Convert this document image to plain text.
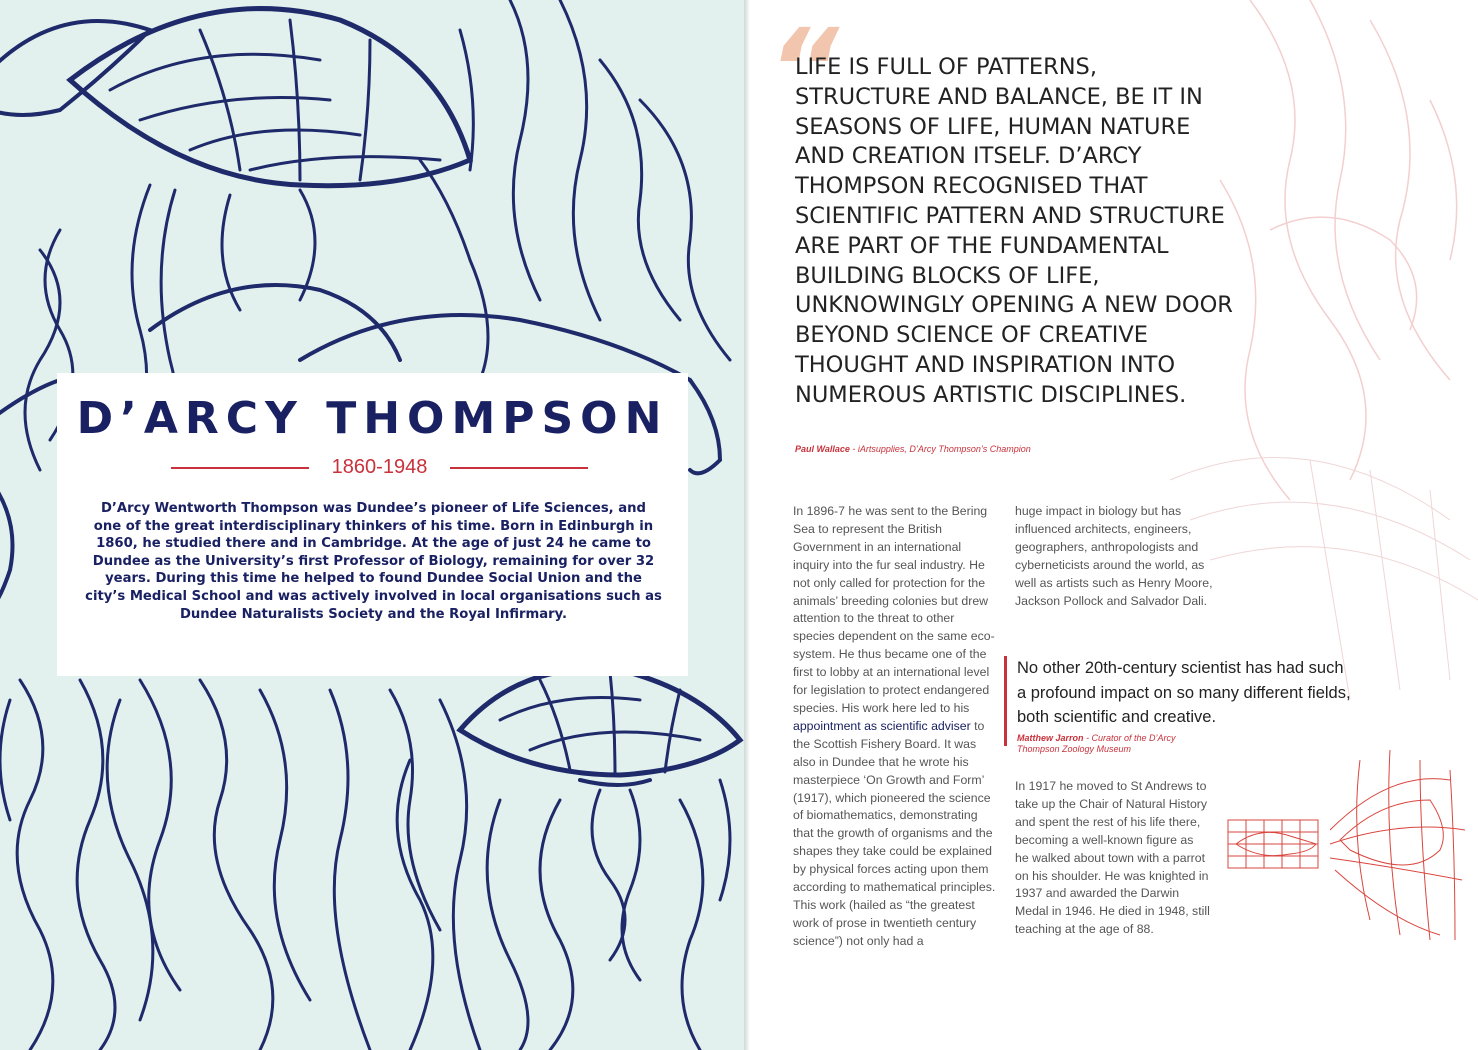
D’ARCY THOMPSON
1860-1948

D’Arcy Wentworth Thompson was Dundee’s pioneer of Life Sciences, and one of the great interdisciplinary thinkers of his time. Born in Edinburgh in 1860, he studied there and in Cambridge. At the age of just 24 he came to Dundee as the University’s first Professor of Biology, remaining for over 32 years. During this time he helped to found Dundee Social Union and the city’s Medical School and was actively involved in local organisations such as Dundee Naturalists Society and the Royal Infirmary.

“

LIFE IS FULL OF PATTERNS, STRUCTURE AND BALANCE, BE IT IN SEASONS OF LIFE, HUMAN NATURE AND CREATION ITSELF. D’ARCY THOMPSON RECOGNISED THAT SCIENTIFIC PATTERN AND STRUCTURE ARE PART OF THE FUNDAMENTAL BUILDING BLOCKS OF LIFE, UNKNOWINGLY OPENING A NEW DOOR BEYOND SCIENCE OF CREATIVE THOUGHT AND INSPIRATION INTO NUMEROUS ARTISTIC DISCIPLINES.

Paul Wallace - iArtsupplies, D’Arcy Thompson’s Champion

In 1896-7 he was sent to the Bering Sea to represent the British Government in an international inquiry into the fur seal industry. He not only called for protection for the animals’ breeding colonies but drew attention to the threat to other species dependent on the same eco-system. He thus became one of the first to lobby at an international level for legislation to protect endangered species. His work here led to his appointment as scientific adviser to the Scottish Fishery Board. It was also in Dundee that he wrote his masterpiece ‘On Growth and Form’ (1917), which pioneered the science of biomathematics, demonstrating that the growth of organisms and the shapes they take could be explained by physical forces acting upon them according to mathematical principles. This work (hailed as “the greatest work of prose in twentieth century science”) not only had a

huge impact in biology but has influenced architects, engineers, geographers, anthropologists and cyberneticists around the world, as well as artists such as Henry Moore, Jackson Pollock and Salvador Dali.

No other 20th-century scientist has had such a profound impact on so many different fields, both scientific and creative.

Matthew Jarron - Curator of the D’Arcy Thompson Zoology Museum

In 1917 he moved to St Andrews to take up the Chair of Natural History and spent the rest of his life there, becoming a well-known figure as he walked about town with a parrot on his shoulder. He was knighted in 1937 and awarded the Darwin Medal in 1946. He died in 1948, still teaching at the age of 88.
